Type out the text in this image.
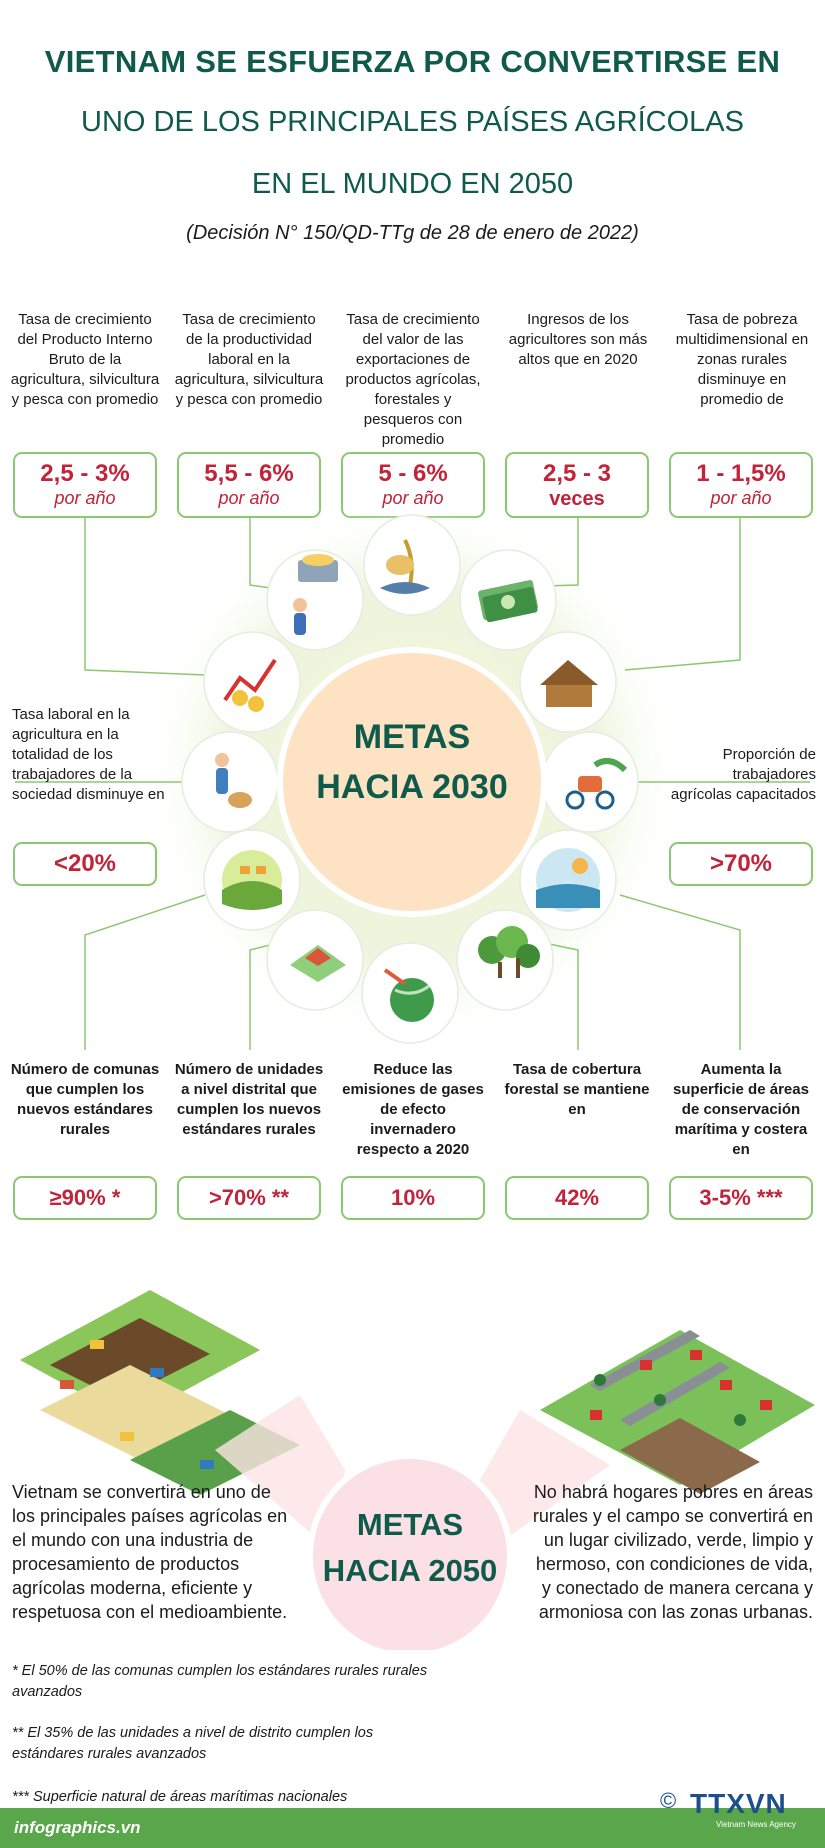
VIETNAM SE ESFUERZA POR CONVERTIRSE EN
UNO DE LOS PRINCIPALES PAÍSES AGRÍCOLAS
EN EL MUNDO EN 2050
(Decisión N° 150/QD-TTg de 28 de enero de 2022)
Tasa de crecimiento del Producto Interno Bruto de la agricultura, silvicultura y pesca con promedio
Tasa de crecimiento de la productividad laboral en la agricultura, silvicultura y pesca con promedio
Tasa de crecimiento del valor de las exportaciones de productos agrícolas, forestales y pesqueros con promedio
Ingresos de los agricultores son más altos que en 2020
Tasa de pobreza multidimensional en zonas rurales disminuye en promedio de
2,5 - 3%
por año
5,5 - 6%
por año
5 - 6%
por año
2,5 - 3
veces
1 - 1,5%
por año
METAS
HACIA 2030
Tasa laboral en la agricultura en la totalidad de los trabajadores de la sociedad disminuye en
<20%
Proporción de trabajadores agrícolas capacitados
>70%
Número de comunas que cumplen los nuevos estándares rurales
Número de unidades a nivel distrital que cumplen los nuevos estándares rurales
Reduce las emisiones de gases de efecto invernadero respecto a 2020
Tasa de cobertura forestal se mantiene en
Aumenta la superficie de áreas de conservación marítima y costera en
≥90% *	>70% **	10%	42%	3-5% ***
METAS
HACIA 2050
Vietnam se convertirá en uno de los principales países agrícolas en el mundo con una industria de procesamiento de productos agrícolas moderna, eficiente y respetuosa con el medioambiente.
No habrá hogares pobres en áreas rurales y el campo se convertirá en un lugar civilizado, verde, limpio y hermoso, con condiciones de vida, y conectado de manera cercana y armoniosa con las zonas urbanas.
* El 50% de las comunas cumplen los estándares rurales rurales avanzados
** El 35% de las unidades a nivel de distrito cumplen los estándares rurales avanzados
*** Superficie natural de áreas marítimas nacionales
infographics.vn
© TTXVN
Vietnam News Agency
